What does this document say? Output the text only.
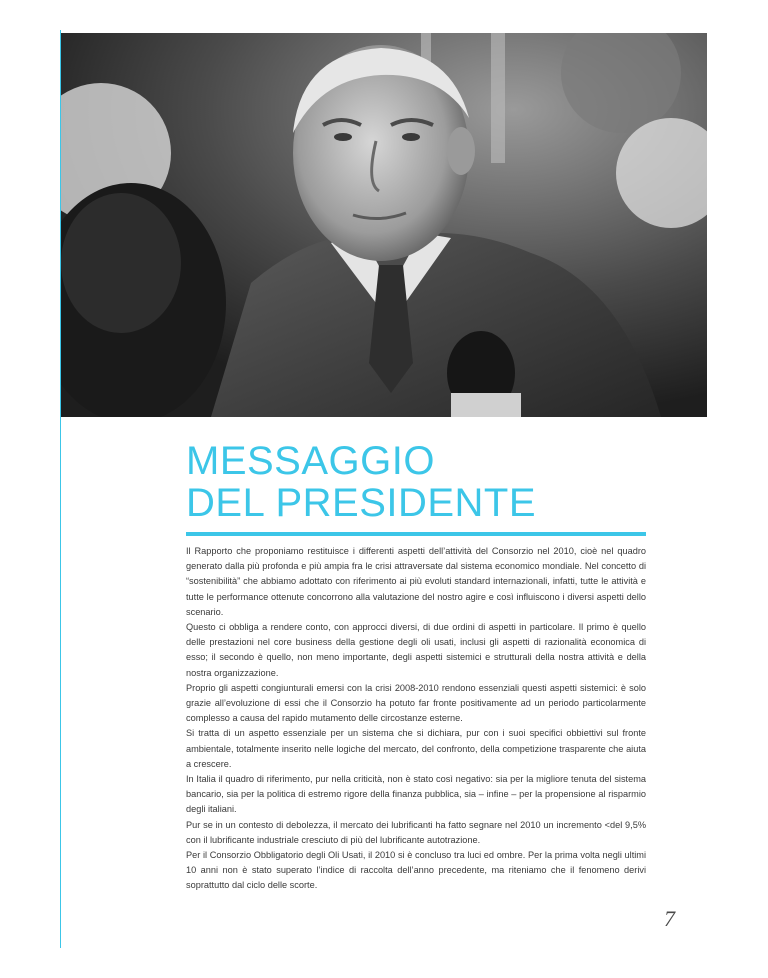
MESSAGGIO
DEL PRESIDENTE

Il Rapporto che proponiamo restituisce i differenti aspetti dell’attività del Consorzio nel 2010, cioè nel quadro generato dalla più profonda e più ampia fra le crisi attraversate dal sistema economico mondiale. Nel concetto di “sostenibilità” che abbiamo adottato con riferimento ai più evoluti standard internazionali, infatti, tutte le attività e tutte le performance ottenute concorrono alla valutazione del nostro agire e così influiscono i diversi aspetti dello scenario.

Questo ci obbliga a rendere conto, con approcci diversi, di due ordini di aspetti in particolare. Il primo è quello delle prestazioni nel core business della gestione degli oli usati, inclusi gli aspetti di razionalità economica di esso; il secondo è quello, non meno importante, degli aspetti sistemici e strutturali della nostra attività e della nostra organizzazione.

Proprio gli aspetti congiunturali emersi con la crisi 2008-2010 rendono essenziali questi aspetti sistemici: è solo grazie all’evoluzione di essi che il Consorzio ha potuto far fronte positivamente ad un periodo particolarmente complesso a causa del rapido mutamento delle circostanze esterne.

Si tratta di un aspetto essenziale per un sistema che si dichiara, pur con i suoi specifici obbiettivi sul fronte ambientale, totalmente inserito nelle logiche del mercato, del confronto, della competizione trasparente che aiuta a crescere.

In Italia il quadro di riferimento, pur nella criticità, non è stato così negativo: sia per la migliore tenuta del sistema bancario, sia per la politica di estremo rigore della finanza pubblica, sia – infine – per la propensione al risparmio degli italiani.

Pur se in un contesto di debolezza, il mercato dei lubrificanti ha fatto segnare nel 2010 un incremento <del 9,5% con il lubrificante industriale cresciuto di più del lubrificante autotrazione.

Per il Consorzio Obbligatorio degli Oli Usati, il 2010 si è concluso tra luci ed ombre. Per la prima volta negli ultimi 10 anni non è stato superato l’indice di raccolta dell’anno precedente, ma riteniamo che il fenomeno derivi soprattutto dal ciclo delle scorte.

7
